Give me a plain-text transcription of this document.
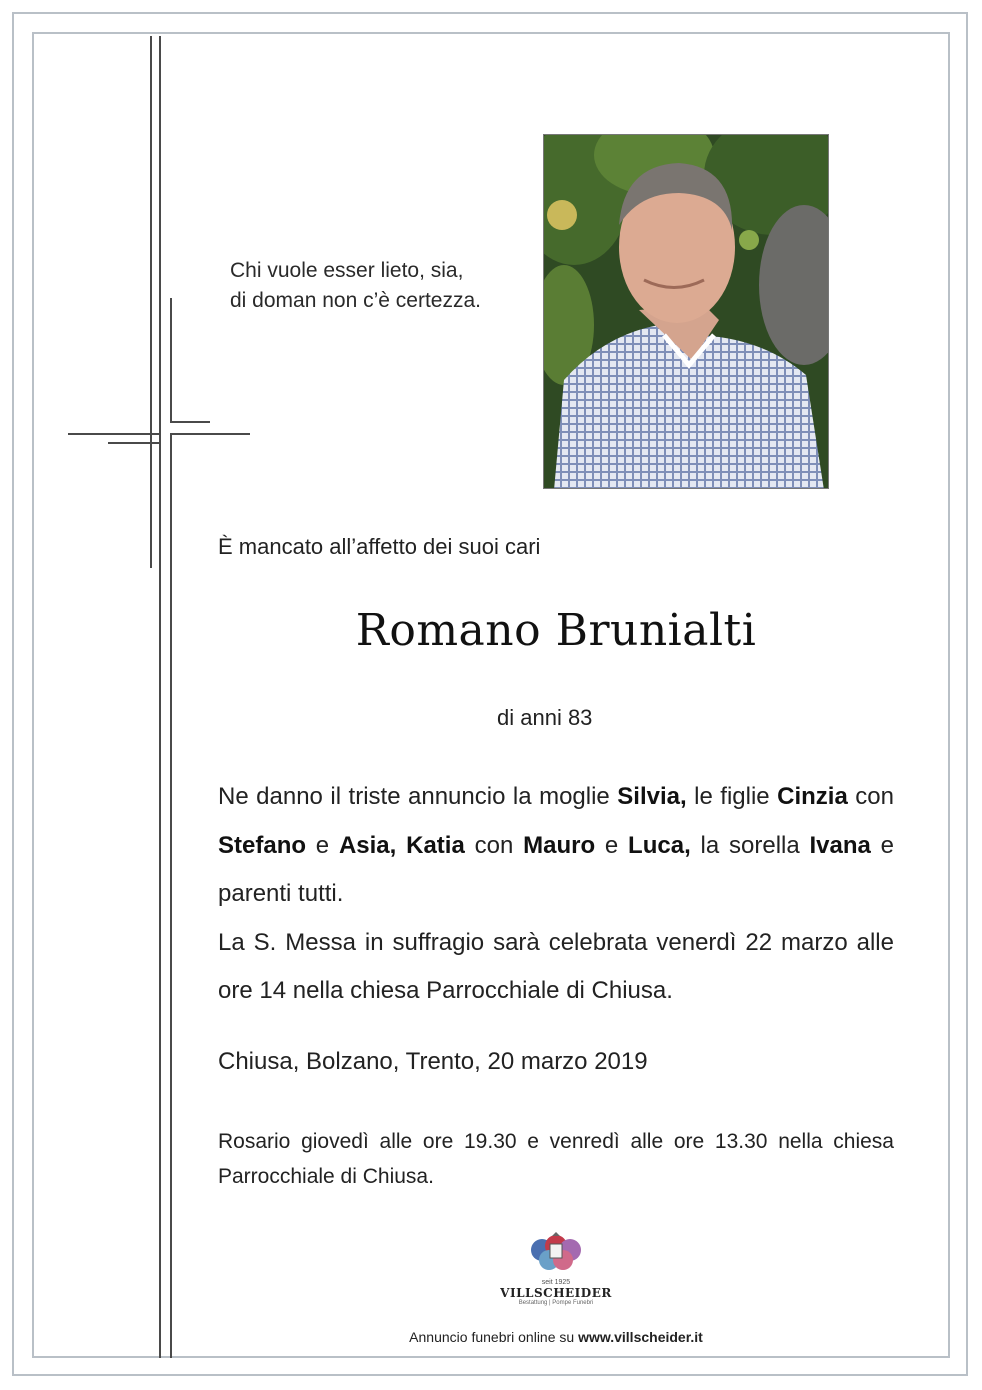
Chi vuole esser lieto, sia,
di doman non c’è certezza.
È mancato all’affetto dei suoi cari
Romano Brunialti
di anni 83
Ne danno il triste annuncio la moglie Silvia, le figlie Cinzia con Stefano e Asia, Katia con Mauro e Luca, la sorella Ivana e parenti tutti.
La S. Messa in suffragio sarà celebrata venerdì 22 marzo alle ore 14 nella chiesa Parrocchiale di Chiusa.
Chiusa, Bolzano, Trento, 20 marzo 2019
Rosario giovedì alle ore 19.30 e venredì alle ore 13.30 nella chiesa Parrocchiale di Chiusa.
seit 1925
VILLSCHEIDER
Bestattung | Pompe Funebri
Annuncio funebri online su www.villscheider.it
